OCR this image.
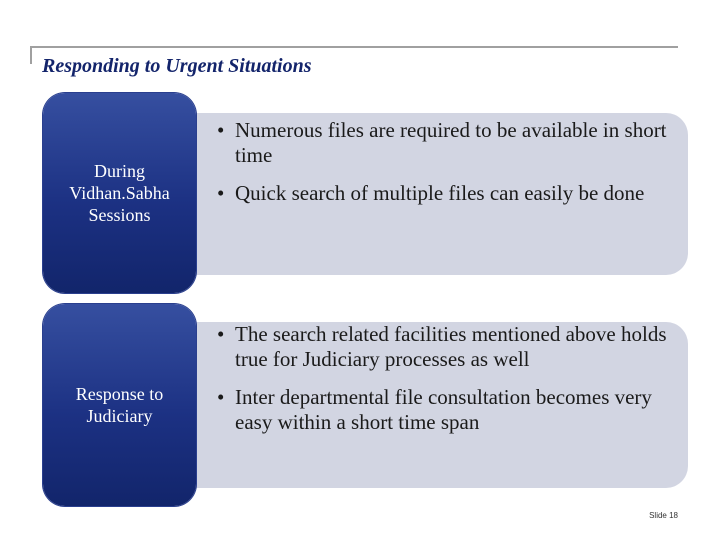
Responding to Urgent Situations
During Vidhan.Sabha Sessions
• Numerous files are required to be available in short time
• Quick search of multiple files can easily be done
Response to Judiciary
• The search related facilities mentioned above holds true for Judiciary processes as well
• Inter departmental file consultation becomes very easy within a short time span
Slide 18
